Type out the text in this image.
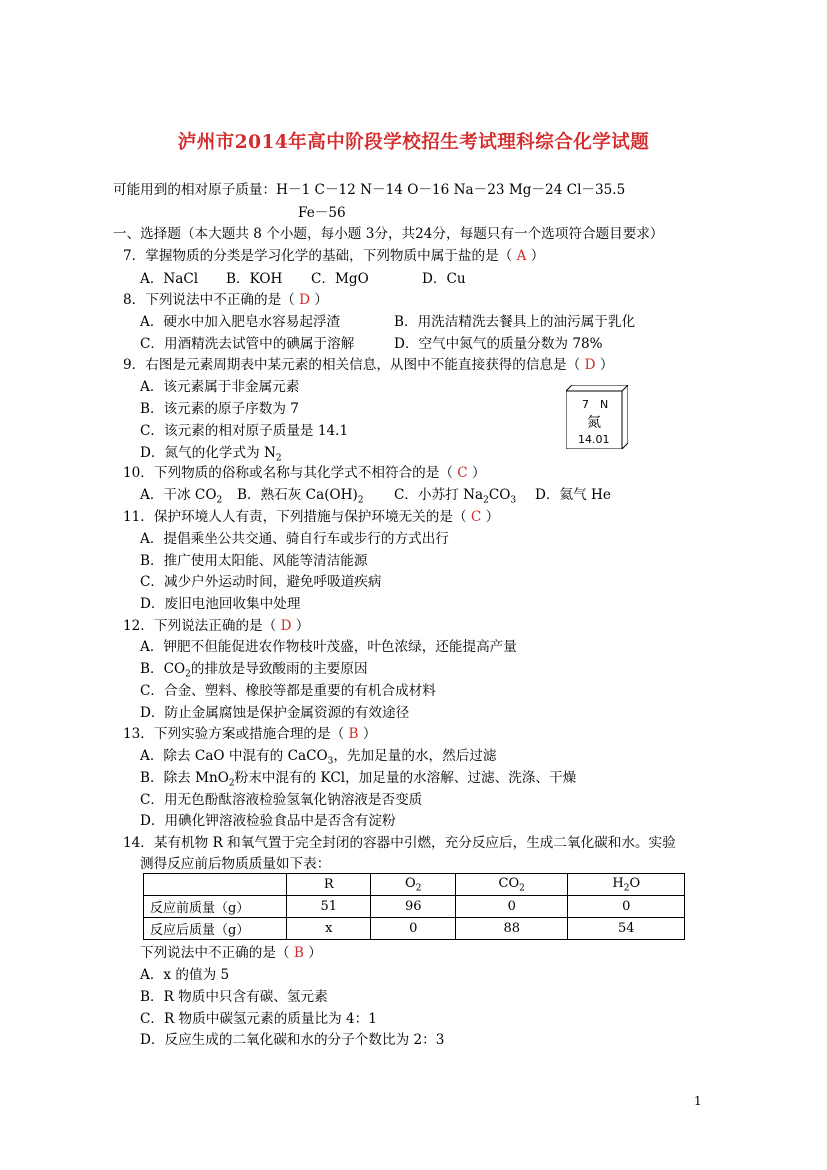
泸州市2014年高中阶段学校招生考试理科综合化学试题
可能用到的相对原子质量：H－1 C－12 N－14 O－16 Na－23 Mg－24 Cl－35.5
Fe－56
一、选择题（本大题共 8 个小题，每小题 3分，共24分，每题只有一个选项符合题目要求）
7．掌握物质的分类是学习化学的基础，下列物质中属于盐的是（ A ）
A．NaCl B．KOH C．MgO	D．Cu
8．下列说法中不正确的是（ D ）
A．硬水中加入肥皂水容易起浮渣	B．用洗洁精洗去餐具上的油污属于乳化
C．用酒精洗去试管中的碘属于溶解	D．空气中氮气的质量分数为 78%
9．右图是元素周期表中某元素的相关信息，从图中不能直接获得的信息是（ D ）
A．该元素属于非金属元素
B．该元素的原子序数为 7
C．该元素的相对原子质量是 14.1
D．氮气的化学式为 $N_2$
7 N
氮
14.01
10．下列物质的俗称或名称与其化学式不相符合的是（ C ）
A．干冰 $CO_2$ B．熟石灰 $Ca(OH)_2$ C．小苏打 $Na_2CO_3$ D．氦气 He
11．保护环境人人有责，下列措施与保护环境无关的是（ C ）
A．提倡乘坐公共交通、骑自行车或步行的方式出行
B．推广使用太阳能、风能等清洁能源
C．减少户外运动时间，避免呼吸道疾病
D．废旧电池回收集中处理
12．下列说法正确的是（ D ）
A．钾肥不但能促进农作物枝叶茂盛，叶色浓绿，还能提高产量
B．$CO_2$的排放是导致酸雨的主要原因
C．合金、塑料、橡胶等都是重要的有机合成材料
D．防止金属腐蚀是保护金属资源的有效途径
13．下列实验方案或措施合理的是（ B ）
A．除去 CaO 中混有的 CaCO$_3$，先加足量的水，然后过滤
B．除去 MnO$_2$粉末中混有的 KCl，加足量的水溶解、过滤、洗涤、干燥
C．用无色酚酞溶液检验氢氧化钠溶液是否变质
D．用碘化钾溶液检验食品中是否含有淀粉
14．某有机物 R 和氧气置于完全封闭的容器中引燃，充分反应后，生成二氧化碳和水。实验
测得反应前后物质质量如下表：
	R	$O_2$	$CO_2$	$H_2O$
反应前质量（g）	51	96	0	0
反应后质量（g）	x	0	88	54
下列说法中不正确的是（ B ）
A．x 的值为 5
B．R 物质中只含有碳、氢元素
C．R 物质中碳氢元素的质量比为 4：1
D．反应生成的二氧化碳和水的分子个数比为 2：3
1
